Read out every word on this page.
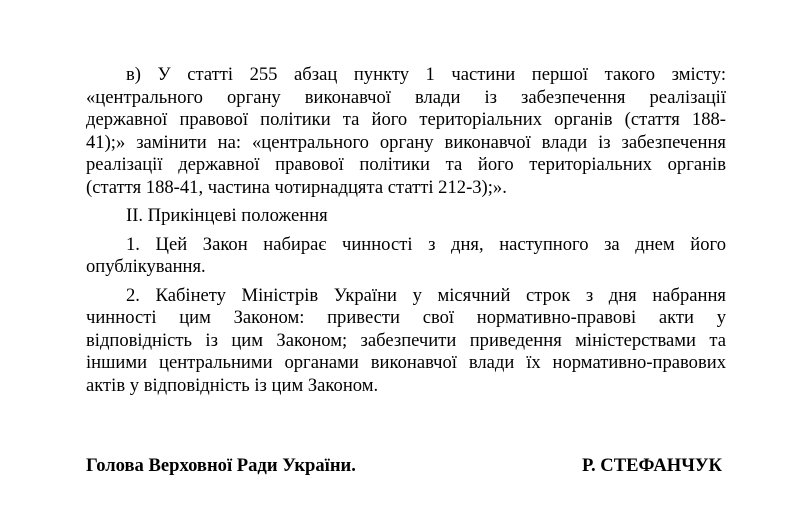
в) У статті 255 абзац пункту 1 частини першої такого змісту:
«центрального органу виконавчої влади із забезпечення реалізації
державної правової політики та його територіальних органів (стаття 188-
41);» замінити на: «центрального органу виконавчої влади із забезпечення
реалізації державної правової політики та його територіальних органів
(стаття 188-41, частина чотирнадцята статті 212-3);».

ІІ. Прикінцеві положення

1. Цей Закон набирає чинності з дня, наступного за днем його
опублікування.

2. Кабінету Міністрів України у місячний строк з дня набрання
чинності цим Законом: привести свої нормативно-правові акти у
відповідність із цим Законом; забезпечити приведення міністерствами та
іншими центральними органами виконавчої влади їх нормативно-правових
актів у відповідність із цим Законом.

Голова Верховної Ради України.	Р. СТЕФАНЧУК
